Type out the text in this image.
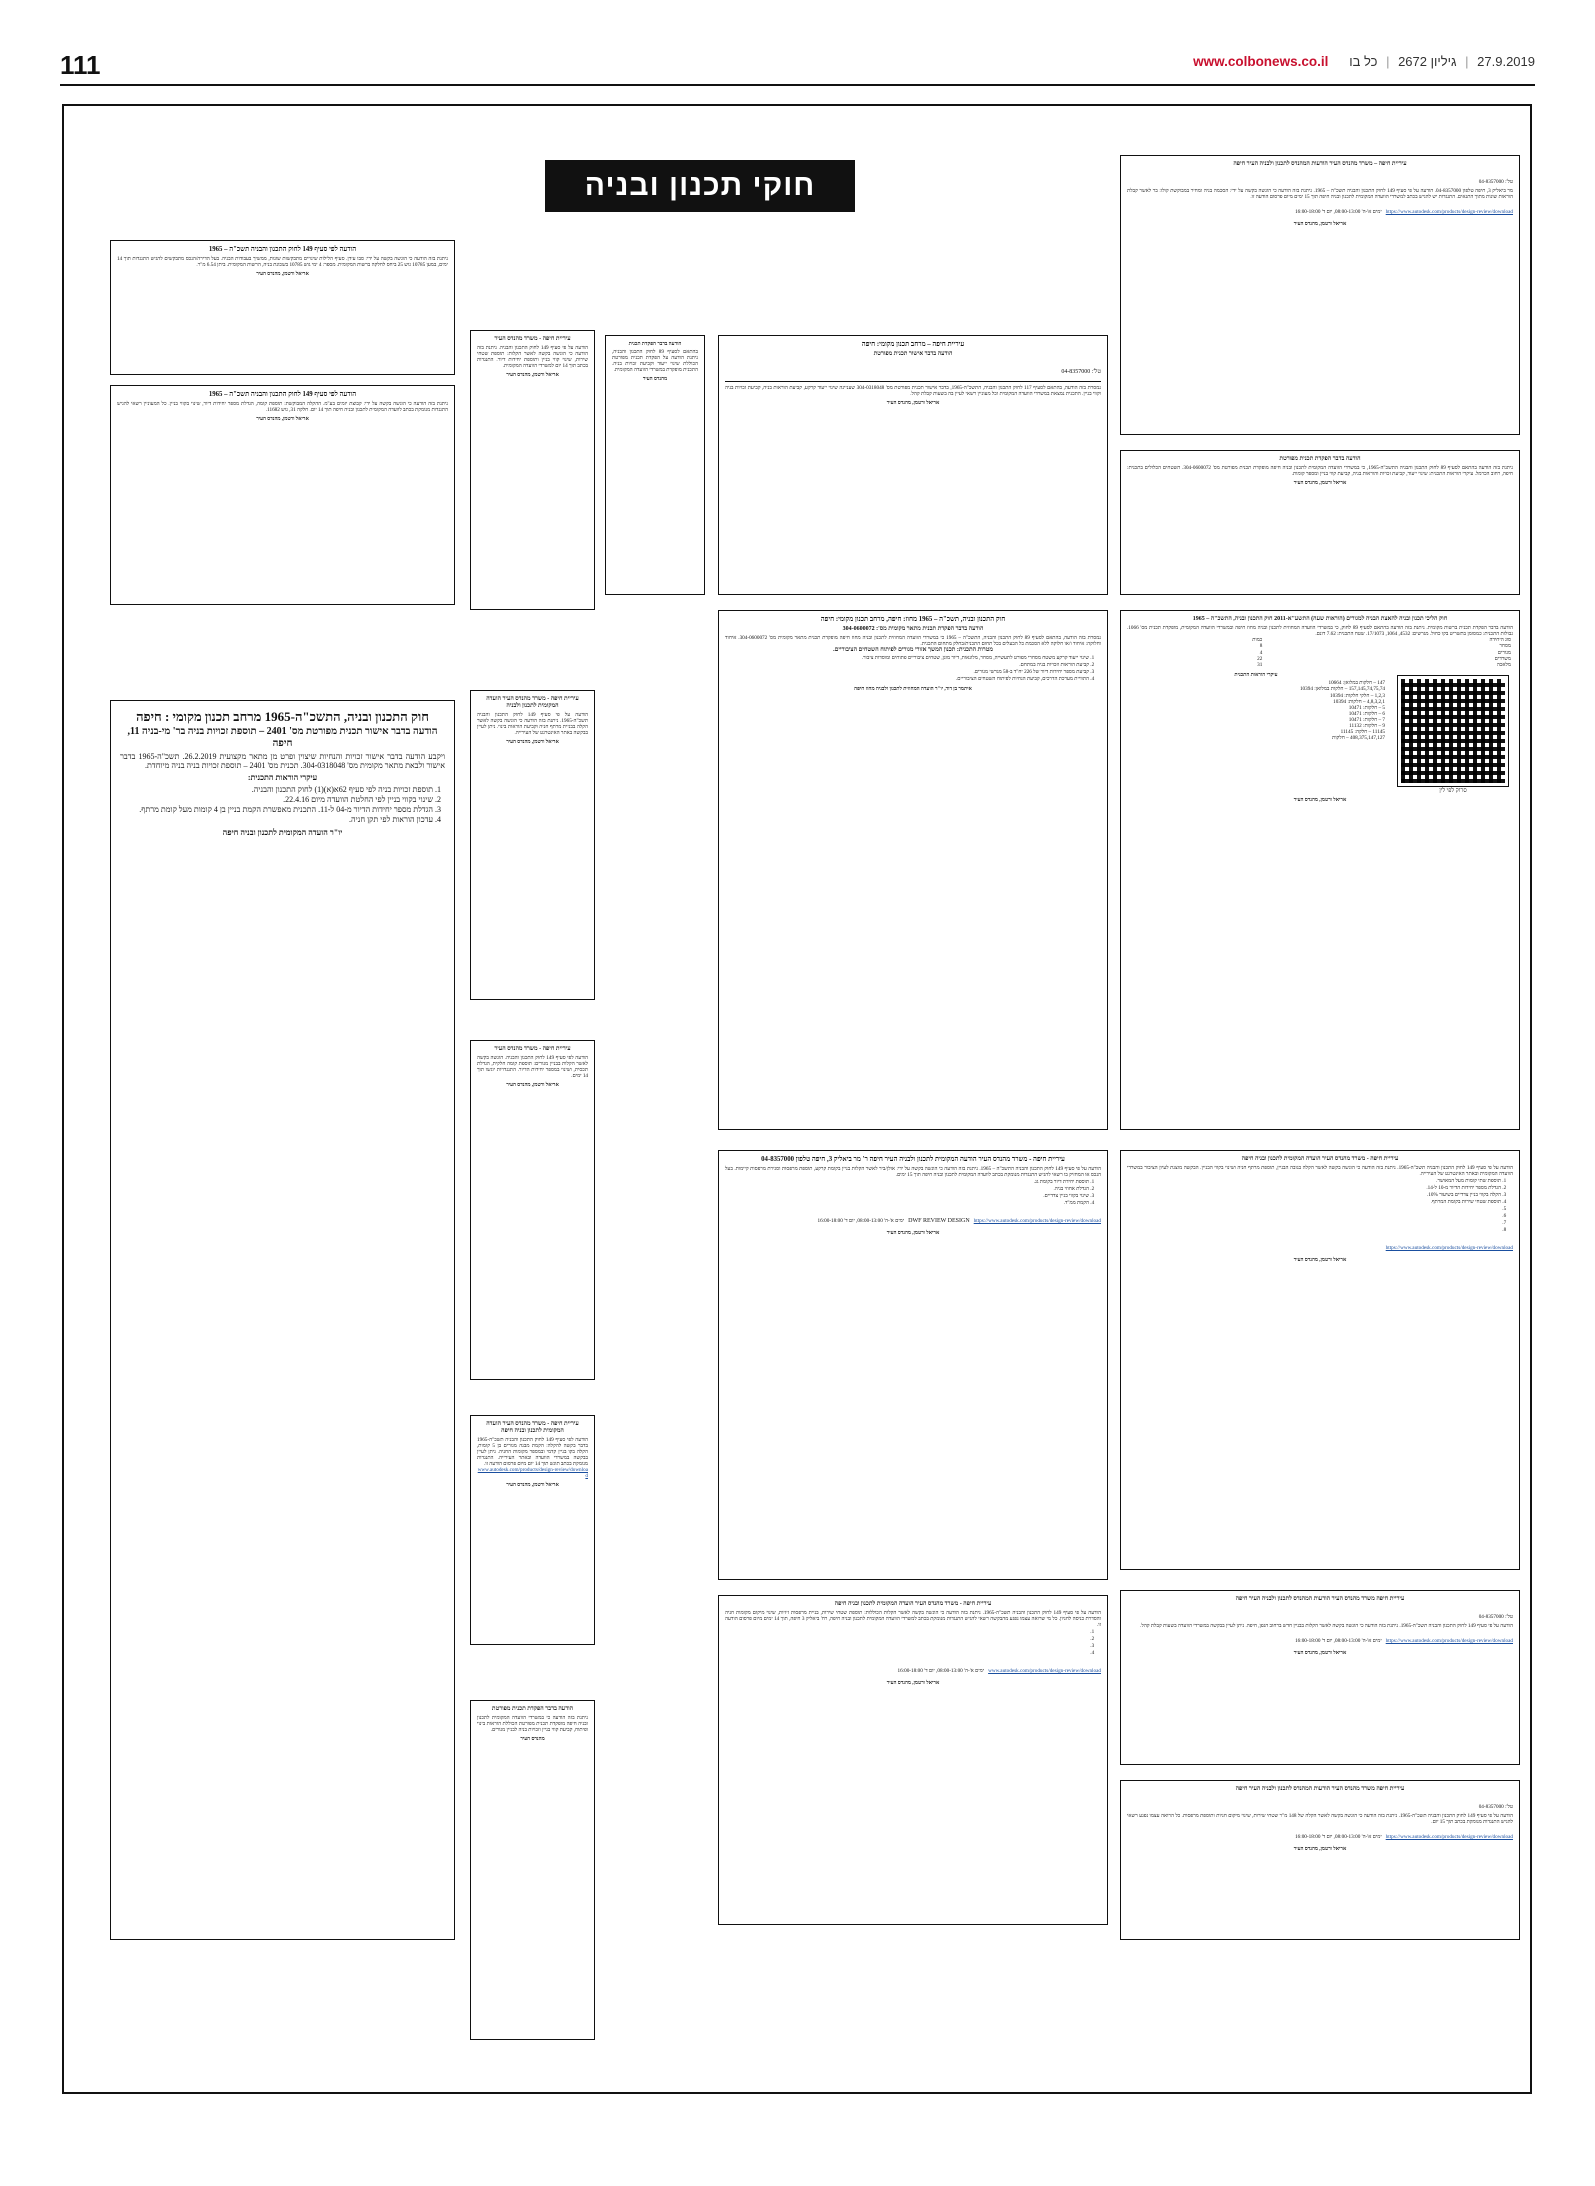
111	27.9.2019 | גיליון 2672 | כל בו   www.colbonews.co.il
חוקי תכנון ובניה
הודעה לפי סעיף 149 לחוק התכנון והבניה תשכ"ה – 1965
ניתנת בזה הודעה כי הוגשה בקשה על ידי: סבו עידן. סעיף הלילות שינויים מתבקשות שונות, ממשיך בעבודות הבניה. בעל הדירה/הנכס מתבקשים להגיש התנגדות תוך 14 ימים, במען 10785 גוש 25 ביחס לחלקה ברשות המקומית. מספר: 4 ימי גוש 10785 בשכונת בניה, הרשות המקומית. ביתן 6.54 מ"ר.
אריאל ורטמן, מהנדס העיר
הודעה לפי סעיף 149 לחוק התכנון והבניה תשכ"ה – 1965
ניתנת בזה הודעה כי הוגשה בקשה על ידי: קבוצת יזמים בע"מ. ההקלה המבוקשת: תוספת קומה, הגדלת מספר יחידות דיור, שינוי בקווי בניין. כל המעוניין רשאי להגיש התנגדות מנומקת בכתב לוועדה המקומית לתכנון ובניה חיפה תוך 14 יום. חלקה 31, גוש 11682.
אריאל ורטמן, מהנדס העיר
חוק התכנון ובניה, התשכ"ה-1965 מרחב תכנון מקומי : חיפה
הודעה בדבר אישור תכנית מפורטת מס' 2401 – תוספת זכויות בניה בר' מי-בניה 11, חיפה
ויקבע הודעה בדבר אישור זכויות והנחיות שיצוין ופרט מן מתאר מקצועית 26.2.2019. תשכ"ה-1965 בדבר אישור ולבאת מתאר מקומית מס' 304-0318048. תכנית מס' 2401 – תוספת זכויות בניה בניה מיוחדת.
עיקרי הוראות התכנית:
1. תוספת זכויות בניה לפי סעיף 62א(א)(1) לחוק התכנון והבניה.
2. שינוי בקווי בניין לפי החלטת הוועדה מיום 22.4.16.
3. הגדלת מספר יחידות הדיור מ-04 ל-11. התכנית מאפשרת הקמת בניין בן 4 קומות מעל קומת מרתף.
4. עדכון הוראות לפי תקן חניה.
יו"ר הועדה המקומית לתכנון ובניה חיפה
עיריית חיפה - משרד מהנדס העיר
הודעה על פי סעיף 149 לחוק התכנון והבניה. ניתנת בזה הודעה כי הוגשה בקשה לאשר הקלות: תוספת שטחי שירות, שינוי קווי בניין ותוספת יחידות דיור. התנגדות בכתב תוך 14 יום למשרדי הוועדה המקומית.
אריאל ורטמן, מהנדס העיר
עיריית חיפה - משרד מהנדס העיר הועדה המקומית לתכנון ולבניה
הודעה על פי סעיף 149 לחוק התכנון והבניה תשכ"ה-1965. ניתנת בזה הודעה כי הוגשה בקשה לאשר הקלה בבניית מרתף חניה וקביעת הוראות בינוי. ניתן לעיין בבקשה באתר האינטרנט של העירייה.
אריאל ורטמן, מהנדס העיר
עיריית חיפה - משרד מהנדס העיר
הודעה לפי סעיף 149 לחוק התכנון והבניה. הוגשה בקשה לאשר הקלות בבניין מגורים: תוספת קומה חלקית, הגדלת תכסית, ושינוי במספר יחידות הדיור. התנגדויות יוגשו תוך 14 ימים.
אריאל ורטמן, מהנדס העיר
עיריית חיפה - משרד מהנדס העיר הועדה המקומית לתכנון ובניה חיפה
הודעה לפי סעיף 149 לחוק התכנון והבניה תשכ"ה-1965 בדבר בקשה להקלה: הקמת מבנה מגורים בן 5 קומות, הקלה בקו בניין קדמי ובמספר מקומות החניה. ניתן לעיין בבקשה במשרדי הוועדה ובאתר העירייה. התנגדות מנומקת בכתב תוגש תוך 14 יום מיום פרסום הודעה זו.
www.autodesk.com/products/design-review/download
אריאל ורטמן, מהנדס העיר
הודעה בדבר הפקדת תכנית מפורטת
ניתנת בזה הודעה כי במשרדי הוועדה המקומית לתכנון ובניה חיפה מופקדת תכנית מפורטת הכוללת הוראות בינוי ופיתוח, קביעת קווי בניין וזכויות בניה לבניין מגורים.
מהנדס העיר
הודעה בדבר הפקדת תכנית
בהתאם לסעיף 89 לחוק התכנון והבניה, ניתנת הודעה על הפקדת תכנית מפורטת הכוללת שינוי ייעוד וקביעת זכויות בניה. התכנית מופקדת במשרדי הוועדה המקומית.
מהנדס העיר
עיריית חיפה – מרחב תכנון מקומי: חיפה
הודעה בדבר אישור תכנית מפורטת
טל': 04-8357000
נמסרת בזה הודעה, בהתאם לסעיף 117 לחוק התכנון והבניה, התשכ"ה-1965, בדבר אישור תכנית מפורטת מס' 304-0318048 שעניינה שינוי ייעוד קרקע, קביעת הוראות בניה, קביעת זכויות בניה וקווי בניין. התכנית נמצאת במשרדי הוועדה המקומית וכל מעוניין רשאי לעיין בה בשעות קבלת קהל.
אריאל ורטמן, מהנדס העיר
עיריית חיפה – משרד מהנדס העיר הודעות המהנדס לתכנון ולבניה העיר חיפה
טל': 04-8357000
מר ביאליק 3, חיפה טלפון 04-8357000. הודעה על פי סעיף 149 לחוק התכנון והבניה תשכ"ה – 1965. ניתנת בזה הודעה כי הוגשה בקשה על ידי: הסכמה בניה ומחיר במבוקשת קולו: בר לאשר קבלת הוראות שונות מתוך התנאים. התנגדות יש להגיש בכתב למשרדי הוועדה המקומית לתכנון ובניה חיפה תוך 15 ימים מיום פרסום הודעה זו.
https://www.autodesk.com/products/design-review/download ימים א'-ה' 08:00-13:00, יום ד' 16:00-18:00
אריאל ורטמן, מהנדס העיר
הודעה בדבר הפקדת תכנית מפורטת
ניתנת בזה הודעה בהתאם לסעיף 89 לחוק התכנון והבניה התשכ"ה-1965, כי במשרדי הוועדה המקומית לתכנון ובניה חיפה מופקדת תכנית מפורטת מס' 304-0600072. השטחים הכלולים בתכנית: חיפה, רחוב הכרמל. עיקרי הוראות התכנית: שינוי ייעוד, קביעת זכויות והוראות בניה, קביעת קווי בניין ומספר קומות.
אריאל ורטמן, מהנדס העיר
חוק הליכי תכנון ובניה להאצת הבניה למגורים (הוראות שעה) התשע"א-2011 חוק התכנון ובניה, התשכ"ה – 1965
הודעה בדבר הפקדת תכנית ברשות מקומית. ניתנת בזה הודעה בהתאם לסעיף 89 לחוק, כי במשרדי הוועדה המחוזית לתכנון ובניה מחוז חיפה ובמשרדי הוועדה המקומית, מופקדת תכנית מס' 1066. גבולות התכנית: כמסומן בתשריט בקו כחול. מגרשים: 4532, 1064, 17/1073. שטח התכנית: 7.62 דונם.
סוג היחידה	כמות
מסחר	8
מגורים	4
משרדים	22
מלאכה	31
סרוק לפי לין
עיקרי הוראות התכנית
147 – חלקות במלואן: 10664
157,145,74,75,74 – חלקות במלואן: 10394
1,2,3 – חלקי חלקות: 10394
4,8,3,2,1 – חלקות: 10394
5 – חלקות: 10471
6 – חלקות: 10471
7 – חלקות: 10471
9 – חלקות: 11132
11145 – חלקה: 11145
408,375,147,127 – חלקות
אריאל ורטמן, מהנדס העיר
חוק התכנון ובניה, תשכ"ה – 1965 מחוז: חיפה, מרחב תכנון מקומי: חיפה
הודעה בדבר הפקדת תכנית מתאר מקומית מס': 304-0600072
נמסרת בזה הודעה, בהתאם לסעיף 89 לחוק התכנון והבניה, התשכ"ה – 1965 כי במשרדי הוועדה המחוזית לתכנון ובניה מחוז חיפה מופקדת תכנית מתאר מקומית מס' 304-0600072. איחוד וחלוקה: איחוד ו/או חלוקה ללא הסכמת כל הבעלים בכל תחום התכנית/בחלק מתחום התכנית.
מטרות התכנית: תכנון המשך אזורי מגורים לפיתוח השטחים הציבוריים.
1. שינוי ייעוד קרקע משטח מסחרי מפורט לתעשייה, מסחר, מלונאות, דיור מוגן, שטחים ציבוריים פתוחים ומוסדות ציבור.
2. קביעת הוראות וזכויות בניה במתחם.
3. קביעת מספר יחידות דיור של 226 יח"ד ב-58 מגרשי מגורים.
4. התוויית מערכת הדרכים, קביעת הנחיות לפיתוח השטחים הציבוריים.
איתמר בן דוד, יו"ר הועדה המחוזית לתכנון ולבניה מחוז חיפה
עיריית חיפה - משרד מהנדס העיר הודעה המקומית לתכנון ולבניה העיר חיפה ר' מר ביאליק 3, חיפה טלפון 04-8357000
הודעה על פי סעיף 149 לחוק התכנון והבניה התשכ"ה – 1965. ניתנת בזה הודעה כי הוגשה בקשה על ידי: אולן/ביר לאשר הקלות בניין בקומת קרקע, תוספת מרפסות וסגירת מרפסות קיימות. בעל הנכס או המחזיק בו רשאי להגיש התנגדות מנומקת בכתב לוועדה המקומית לתכנון ובניה חיפה תוך 15 ימים.
1. תוספת יחידת דיור בקומת גג.
2. הגדלת אחוזי בניה.
3. שינוי בקווי בניין צדדיים.
4. הקמת ממ"ד.
DWF REVIEW DESIGN https://www.autodesk.com/products/design-review/download ימים א'-ה' 08:00-13:00, יום ד' 16:00-18:00
אריאל ורטמן, מהנדס העיר
עיריית חיפה - משרד מהנדס העיר הועדה המקומית לתכנון ובניה חיפה
הודעה על פי סעיף 149 לחוק התכנון והבניה תשכ"ה-1965. ניתנת בזה הודעה כי הוגשה בקשה לאשר הקלות הכוללות: תוספת שטחי שירות, בניית מרפסות זיזיות, שינוי מיקום מקומות חניה והסדרת כניסה לחניון. כל מי שרואה עצמו נפגע מהבקשה רשאי להגיש התנגדות מנומקת בכתב למשרדי הוועדה המקומית לתכנון ובניה חיפה, רח' ביאליק 3 חיפה, תוך 14 ימים מיום פרסום הודעה זו.
1.
2.
3.
4.
www.autodesk.com/products/design-review/download ימים א'-ה' 08:00-13:00, יום ד' 16:00-18:00
אריאל ורטמן, מהנדס העיר
עיריית חיפה - משרד מהנדס העיר הועדה המקומית לתכנון ובניה חיפה
הודעה על פי סעיף 149 לחוק התכנון והבניה תשכ"ה-1965. ניתנת בזה הודעה כי הוגשה בקשה לאשר הקלה בגובה הבניין, תוספת מרתף חניה ושינוי בקווי הבניין. הבקשה מוצגת לעיון הציבור במשרדי הוועדה המקומית ובאתר האינטרנט של העירייה.
1. תוספת שתי קומות מעל המאושר.
2. הגדלת מספר יחידות הדיור מ-10 ל-14.
3. הקלה בקווי בניין צדדיים בשיעור 10%.
4. תוספת שטחי שירות בקומת המרתף.
5.
6.
7.
8.
https://www.autodesk.com/products/design-review/download
אריאל ורטמן, מהנדס העיר
עיריית חיפה משרד מהנדס העיר הודעות המהנדס לתכנון ולבניה העיר חיפה
טל': 04-8357000
הודעה על פי סעיף 149 לחוק התכנון והבניה תשכ"ה-1965. ניתנת בזה הודעה כי הוגשה בקשה לאשר הקלות בבניין חדש ברחוב הגפן, חיפה. ניתן לעיין בבקשה במשרדי הוועדה בשעות קבלת קהל.
https://www.autodesk.com/products/design-review/download ימים א'-ה' 08:00-13:00, יום ד' 16:00-18:00
אריאל ורטמן, מהנדס העיר
עיריית חיפה משרד מהנדס העיר הודעות המהנדס לתכנון ולבניה העיר חיפה
טל': 04-8357000
הודעה על פי סעיף 149 לחוק התכנון והבניה תשכ"ה-1965. ניתנת בזה הודעה כי הוגשה בקשה לאשר הקלה של 148 מ"ר שטחי שירות, שינוי מיקום חניות ותוספת מרפסות. כל הרואה עצמו נפגע רשאי להגיש התנגדות מנומקת בכתב תוך 15 יום.
https://www.autodesk.com/products/design-review/download ימים א'-ה' 08:00-13:00, יום ד' 16:00-18:00
אריאל ורטמן, מהנדס העיר
